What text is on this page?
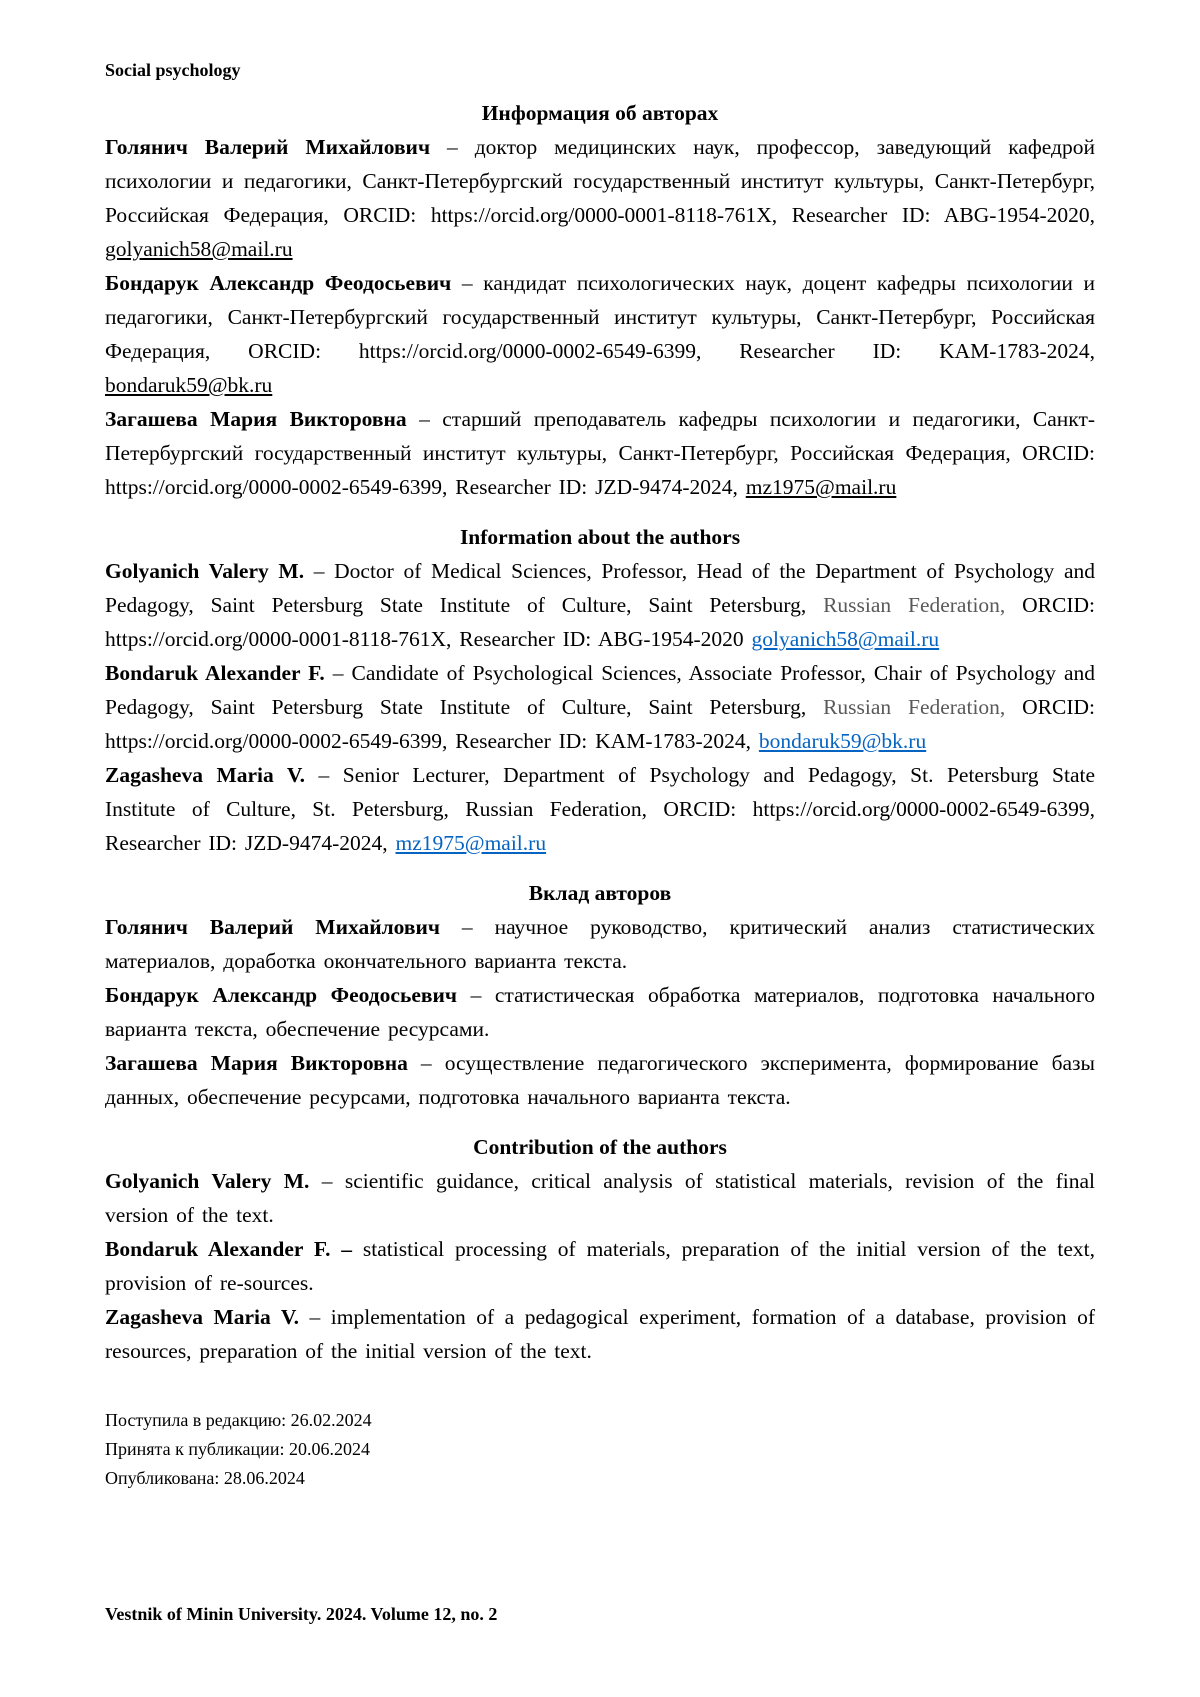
Social psychology
Информация об авторах

Голянич Валерий Михайлович – доктор медицинских наук, профессор, заведующий кафедрой психологии и педагогики, Санкт-Петербургский государственный институт культуры, Санкт-Петербург, Российская Федерация, ORCID: https://orcid.org/0000-0001-8118-761X, Researcher ID: ABG-1954-2020, golyanich58@mail.ru

Бондарук Александр Феодосьевич – кандидат психологических наук, доцент кафедры психологии и педагогики, Санкт-Петербургский государственный институт культуры, Санкт-Петербург, Российская Федерация, ORCID: https://orcid.org/0000-0002-6549-6399, Researcher ID: KAM-1783-2024, bondaruk59@bk.ru

Загашева Мария Викторовна – старший преподаватель кафедры психологии и педагогики, Санкт-Петербургский государственный институт культуры, Санкт-Петербург, Российская Федерация, ORCID: https://orcid.org/0000-0002-6549-6399, Researcher ID: JZD-9474-2024, mz1975@mail.ru

Information about the authors

Golyanich Valery M. – Doctor of Medical Sciences, Professor, Head of the Department of Psychology and Pedagogy, Saint Petersburg State Institute of Culture, Saint Petersburg, Russian Federation, ORCID: https://orcid.org/0000-0001-8118-761X, Researcher ID: ABG-1954-2020 golyanich58@mail.ru

Bondaruk Alexander F. – Candidate of Psychological Sciences, Associate Professor, Chair of Psychology and Pedagogy, Saint Petersburg State Institute of Culture, Saint Petersburg, Russian Federation, ORCID: https://orcid.org/0000-0002-6549-6399, Researcher ID: KAM-1783-2024, bondaruk59@bk.ru

Zagasheva Maria V. – Senior Lecturer, Department of Psychology and Pedagogy, St. Petersburg State Institute of Culture, St. Petersburg, Russian Federation, ORCID: https://orcid.org/0000-0002-6549-6399, Researcher ID: JZD-9474-2024, mz1975@mail.ru

Вклад авторов

Голянич Валерий Михайлович – научное руководство, критический анализ статистических материалов, доработка окончательного варианта текста.

Бондарук Александр Феодосьевич – статистическая обработка материалов, подготовка начального варианта текста, обеспечение ресурсами.

Загашева Мария Викторовна – осуществление педагогического эксперимента, формирование базы данных, обеспечение ресурсами, подготовка начального варианта текста.

Contribution of the authors

Golyanich Valery M. – scientific guidance, critical analysis of statistical materials, revision of the final version of the text.

Bondaruk Alexander F. – statistical processing of materials, preparation of the initial version of the text, provision of re-sources.

Zagasheva Maria V. – implementation of a pedagogical experiment, formation of a database, provision of resources, preparation of the initial version of the text.

Поступила в редакцию: 26.02.2024
Принята к публикации: 20.06.2024
Опубликована: 28.06.2024
Vestnik of Minin University. 2024. Volume 12, no. 2
